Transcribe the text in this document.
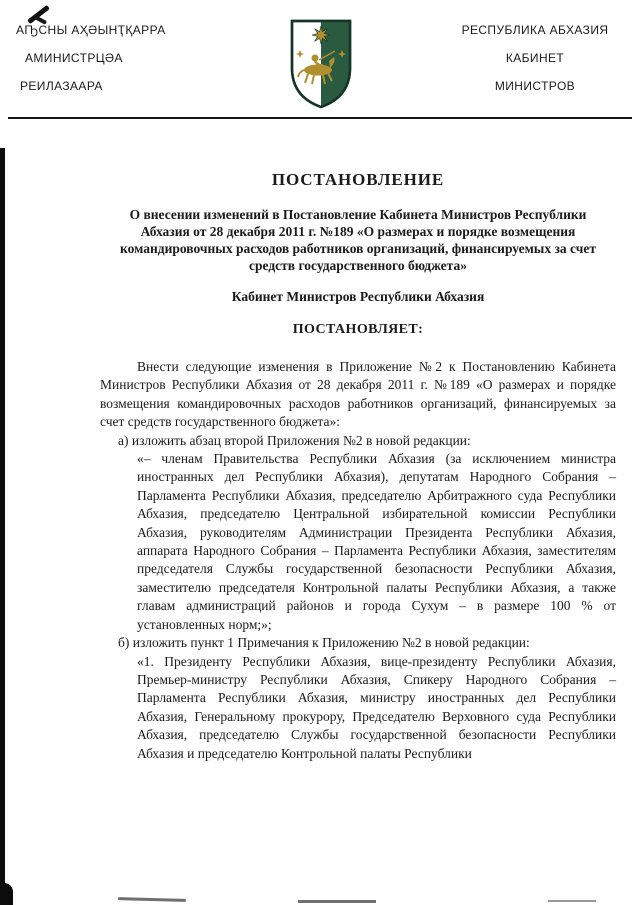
АҦСНЫ АҲӘЫНҬҚАРРА
АМИНИСТРЦӘА
РЕИЛАЗААРА
РЕСПУБЛИКА АБХАЗИЯ
КАБИНЕТ
МИНИСТРОВ
ПОСТАНОВЛЕНИЕ

О внесении изменений в Постановление Кабинета Министров Республики Абхазия от 28 декабря 2011 г. №189 «О размерах и порядке возмещения командировочных расходов работников организаций, финансируемых за счет средств государственного бюджета»

Кабинет Министров Республики Абхазия

ПОСТАНОВЛЯЕТ:

Внести следующие изменения в Приложение №2 к Постановлению Кабинета Министров Республики Абхазия от 28 декабря 2011 г. №189 «О размерах и порядке возмещения командировочных расходов работников организаций, финансируемых за счет средств государственного бюджета»:

а) изложить абзац второй Приложения №2 в новой редакции:

«– членам Правительства Республики Абхазия (за исключением министра иностранных дел Республики Абхазия), депутатам Народного Собрания – Парламента Республики Абхазия, председателю Арбитражного суда Республики Абхазия, председателю Центральной избирательной комиссии Республики Абхазия, руководителям Администрации Президента Республики Абхазия, аппарата Народного Собрания – Парламента Республики Абхазия, заместителям председателя Службы государственной безопасности Республики Абхазия, заместителю председателя Контрольной палаты Республики Абхазия, а также главам администраций районов и города Сухум – в размере 100 % от установленных норм;»;

б) изложить пункт 1 Примечания к Приложению №2 в новой редакции:

«1. Президенту Республики Абхазия, вице-президенту Республики Абхазия, Премьер-министру Республики Абхазия, Спикеру Народного Собрания – Парламента Республики Абхазия, министру иностранных дел Республики Абхазия, Генеральному прокурору, Председателю Верховного суда Республики Абхазия, председателю Службы государственной безопасности Республики Абхазия и председателю Контрольной палаты Республики
